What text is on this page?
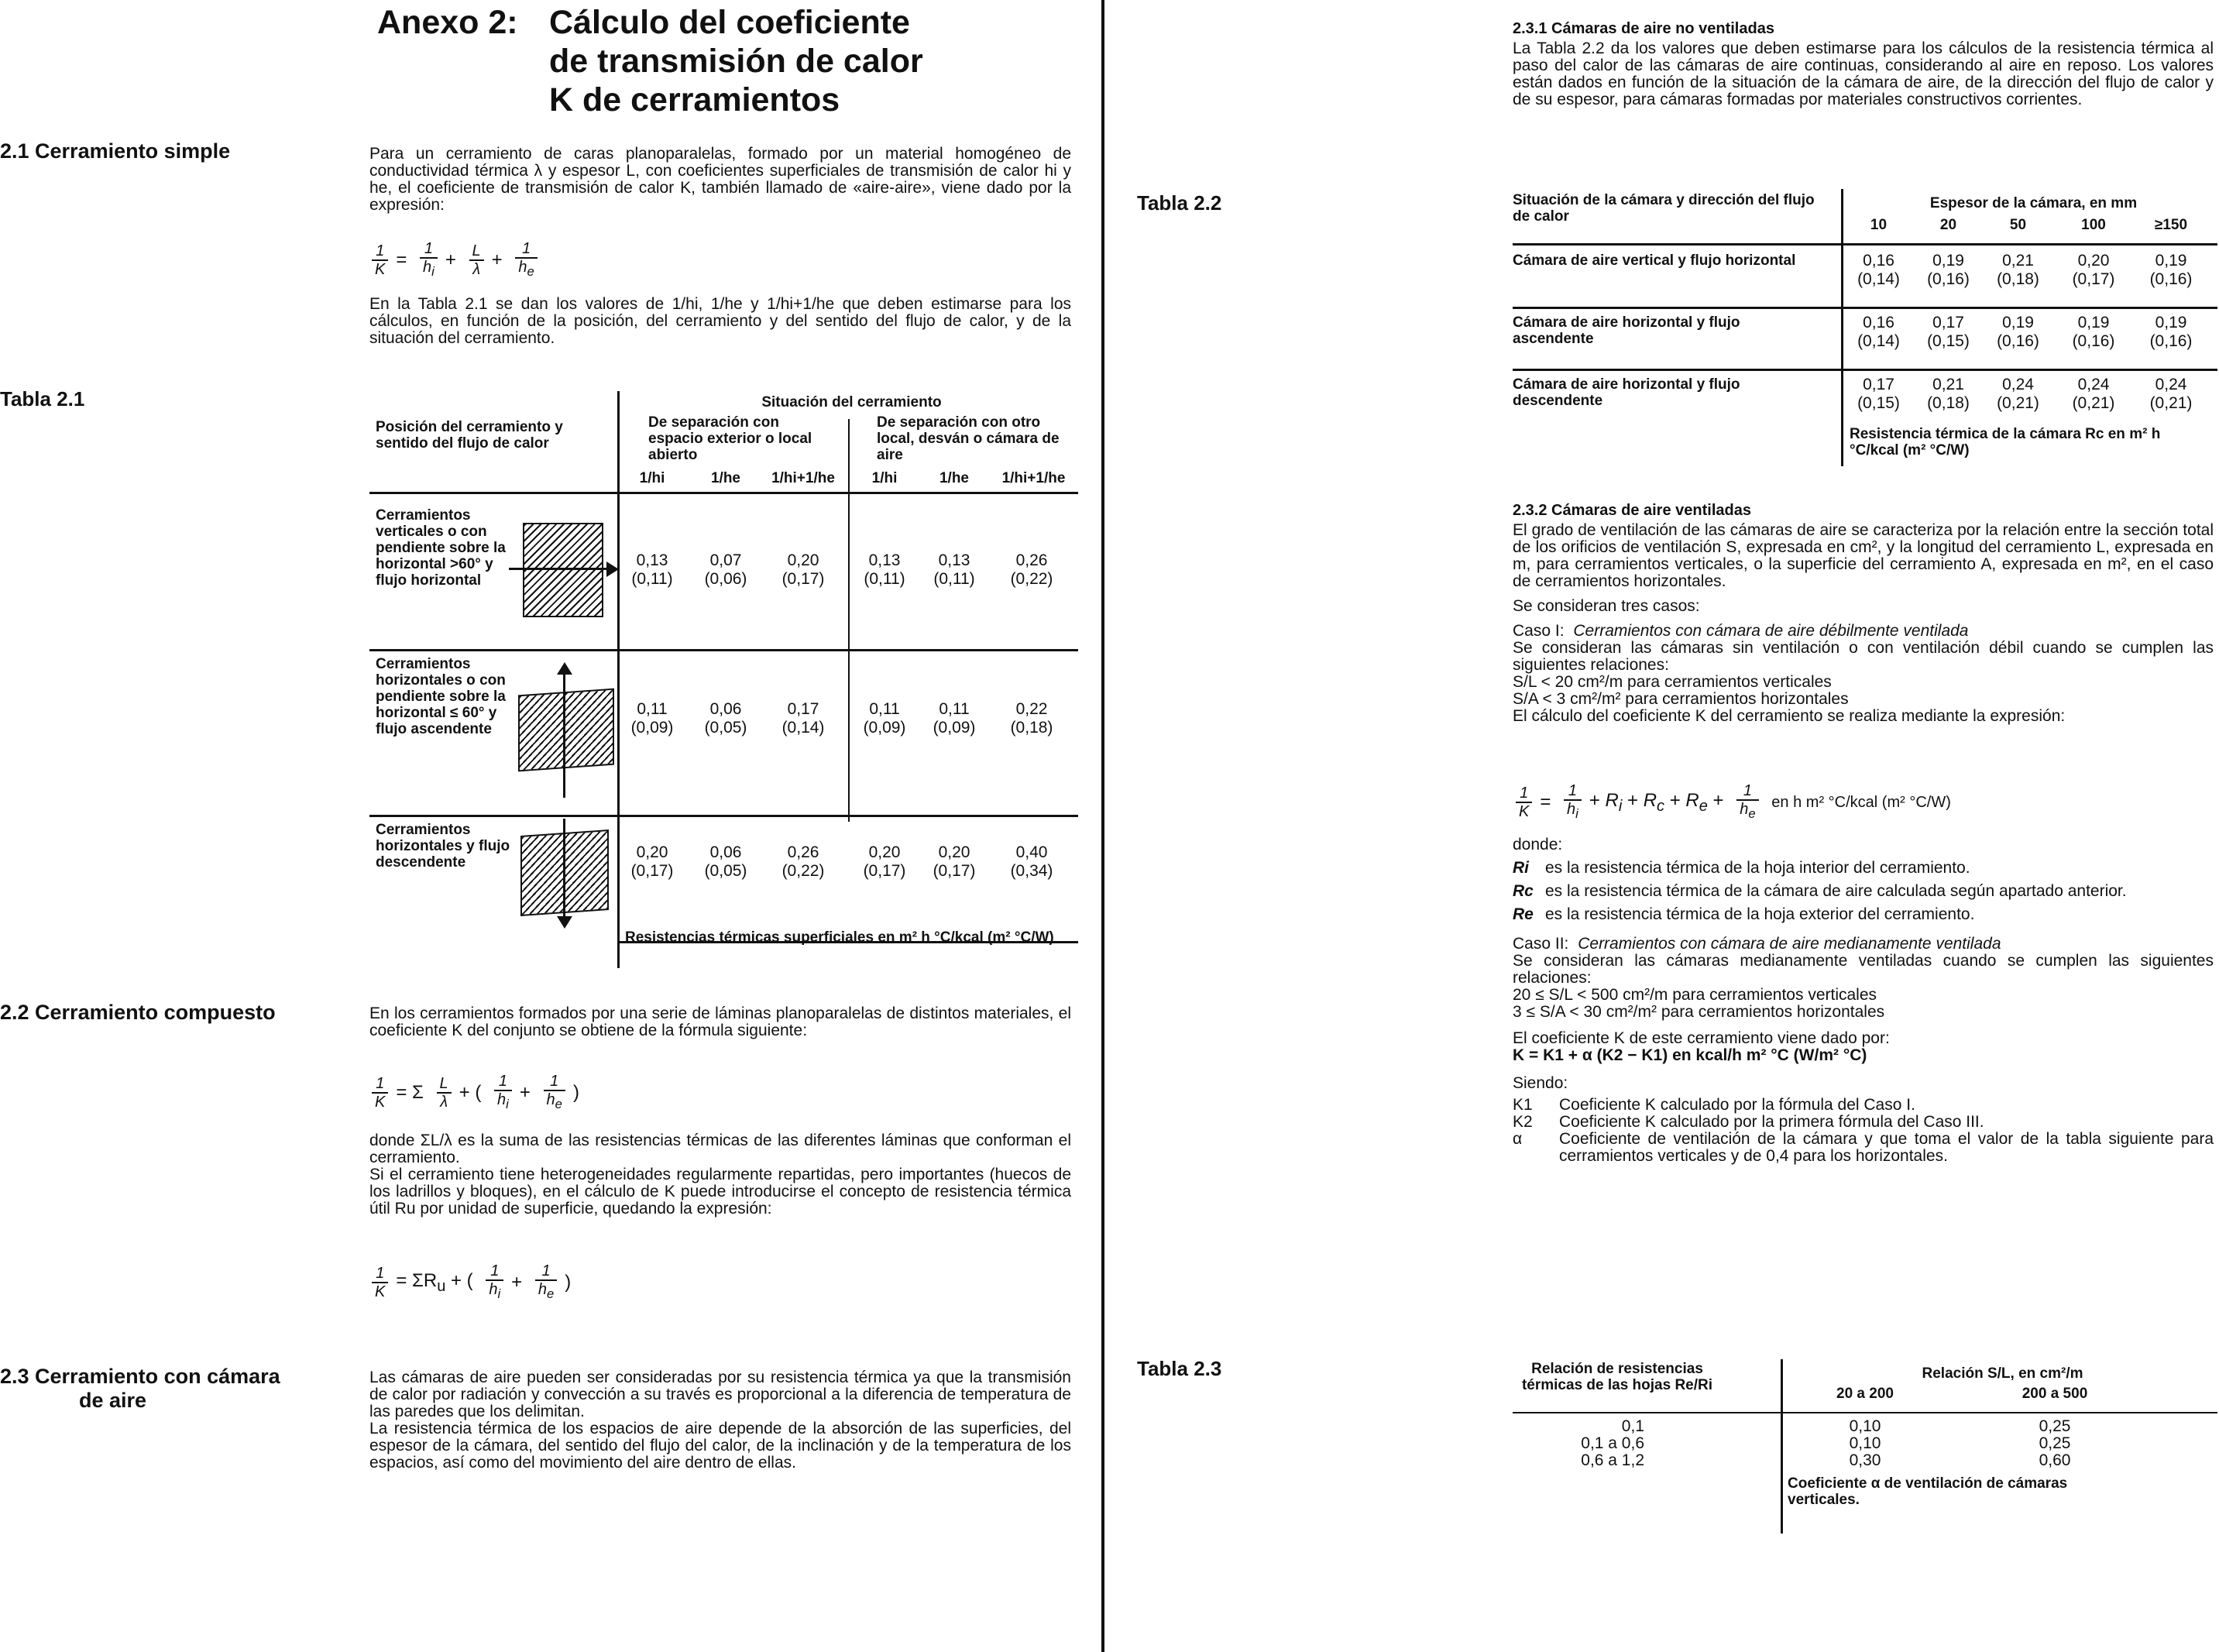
Anexo 2: Cálculo del coeficiente de transmisión de calor K de cerramientos
2.1 Cerramiento simple	Para un cerramiento de caras planoparalelas, formado por un material homogéneo de conductividad térmica λ y espesor L, con coeficientes superficiales de transmisión de calor hi y he, el coeficiente de transmisión de calor K, también llamado de «aire-aire», viene dado por la expresión:

$\frac{1}{K} = \frac{1}{h_i} + \frac{L}{\lambda} + \frac{1}{h_e}$

En la Tabla 2.1 se dan los valores de 1/hi, 1/he y 1/hi+1/he que deben estimarse para los cálculos, en función de la posición, del cerramiento y del sentido del flujo de calor, y de la situación del cerramiento.

Tabla 2.1	Situación del cerramiento
Posición del cerramiento y sentido del flujo de calor
De separación con espacio exterior o local abierto
De separación con otro local, desván o cámara de aire
1/hi	1/he	1/hi+1/he	1/hi	1/he	1/hi+1/he
Cerramientos verticales o con pendiente sobre la horizontal >60° y flujo horizontal
0,13	0,07	0,20	0,13	0,13	0,26
(0,11)	(0,06)	(0,17)	(0,11)	(0,11)	(0,22)
Cerramientos horizontales o con pendiente sobre la horizontal ≤ 60° y flujo ascendente
0,11	0,06	0,17	0,11	0,11	0,22
(0,09)	(0,05)	(0,14)	(0,09)	(0,09)	(0,18)
Cerramientos horizontales y flujo descendente
0,20	0,06	0,26	0,20	0,20	0,40
(0,17)	(0,05)	(0,22)	(0,17)	(0,17)	(0,34)
Resistencias térmicas superficiales en m² h °C/kcal (m² °C/W)
2.2 Cerramiento compuesto	En los cerramientos formados por una serie de láminas planoparalelas de distintos materiales, el coeficiente K del conjunto se obtiene de la fórmula siguiente:

$\frac{1}{K} = \Sigma \frac{L}{\lambda}$ + ( $\frac{1}{h_i} + \frac{1}{h_e}$ )

donde ΣL/λ es la suma de las resistencias térmicas de las diferentes láminas que conforman el cerramiento.

Si el cerramiento tiene heterogeneidades regularmente repartidas, pero importantes (huecos de los ladrillos y bloques), en el cálculo de K puede introducirse el concepto de resistencia térmica útil Ru por unidad de superficie, quedando la expresión:

$\frac{1}{K} = \Sigma R_u$ + ( $\frac{1}{h_i} + \frac{1}{h_e}$ )
2.3 Cerramiento con cámara
de aire

Las cámaras de aire pueden ser consideradas por su resistencia térmica ya que la transmisión de calor por radiación y convección a su través es proporcional a la diferencia de temperatura de las paredes que los delimitan.

La resistencia térmica de los espacios de aire depende de la absorción de las superficies, del espesor de la cámara, del sentido del flujo del calor, de la inclinación y de la temperatura de los espacios, así como del movimiento del aire dentro de ellas.

2.3.1 Cámaras de aire no ventiladas

La Tabla 2.2 da los valores que deben estimarse para los cálculos de la resistencia térmica al paso del calor de las cámaras de aire continuas, considerando al aire en reposo. Los valores están dados en función de la situación de la cámara de aire, de la dirección del flujo de calor y de su espesor, para cámaras formadas por materiales constructivos corrientes.

Tabla 2.2	Situación de la cámara y dirección del flujo de calor
Espesor de la cámara, en mm
10	20	50	100	≥150
Cámara de aire vertical y flujo horizontal	0,16	0,19	0,21	0,20	0,19
(0,14)	(0,16)	(0,18)	(0,17)	(0,16)
Cámara de aire horizontal y flujo ascendente
0,16	0,17	0,19	0,19	0,19
(0,14)	(0,15)	(0,16)	(0,16)	(0,16)
Cámara de aire horizontal y flujo descendente
0,17	0,21	0,24	0,24	0,24
(0,15)	(0,18)	(0,21)	(0,21)	(0,21)
Resistencia térmica de la cámara Rc en m² h °C/kcal (m² °C/W)
2.3.2 Cámaras de aire ventiladas

El grado de ventilación de las cámaras de aire se caracteriza por la relación entre la sección total de los orificios de ventilación S, expresada en cm², y la longitud del cerramiento L, expresada en m, para cerramientos verticales, o la superficie del cerramiento A, expresada en m², en el caso de cerramientos horizontales.

Se consideran tres casos:

Caso I: Cerramientos con cámara de aire débilmente ventilada
Se consideran las cámaras sin ventilación o con ventilación débil cuando se cumplen las siguientes relaciones:
S/L < 20 cm²/m para cerramientos verticales
S/A < 3 cm²/m² para cerramientos horizontales
El cálculo del coeficiente K del cerramiento se realiza mediante la expresión:
$\frac{1}{K} = \frac{1}{h_i} + R_i + R_c + R_e + \frac{1}{h_e}$ en h m² °C/kcal (m² °C/W)
donde:
Ri	es la resistencia térmica de la hoja interior del cerramiento.
Rc es la resistencia térmica de la cámara de aire calculada según apartado anterior.
Re es la resistencia térmica de la hoja exterior del cerramiento.
Caso II: Cerramientos con cámara de aire medianamente ventilada
Se consideran las cámaras medianamente ventiladas cuando se cumplen las siguientes relaciones:
20 ≤ S/L < 500 cm²/m para cerramientos verticales
3 ≤ S/A < 30 cm²/m² para cerramientos horizontales
El coeficiente K de este cerramiento viene dado por:
K = K1 + α (K2 − K1) en kcal/h m² °C (W/m² °C)
Siendo:
K1	Coeficiente K calculado por la fórmula del Caso I.
K2	Coeficiente K calculado por la primera fórmula del Caso III.
α	Coeficiente de ventilación de la cámara y que toma el valor de la tabla siguiente para cerramientos verticales y de 0,4 para los horizontales.
Tabla 2.3	Relación de resistencias térmicas de las hojas Re/Ri
Relación S/L, en cm²/m
20 a 200	200 a 500
0,1	0,10	0,25
0,1 a 0,6	0,10	0,25
0,6 a 1,2	0,30	0,60
Coeficiente α de ventilación de cámaras verticales.
